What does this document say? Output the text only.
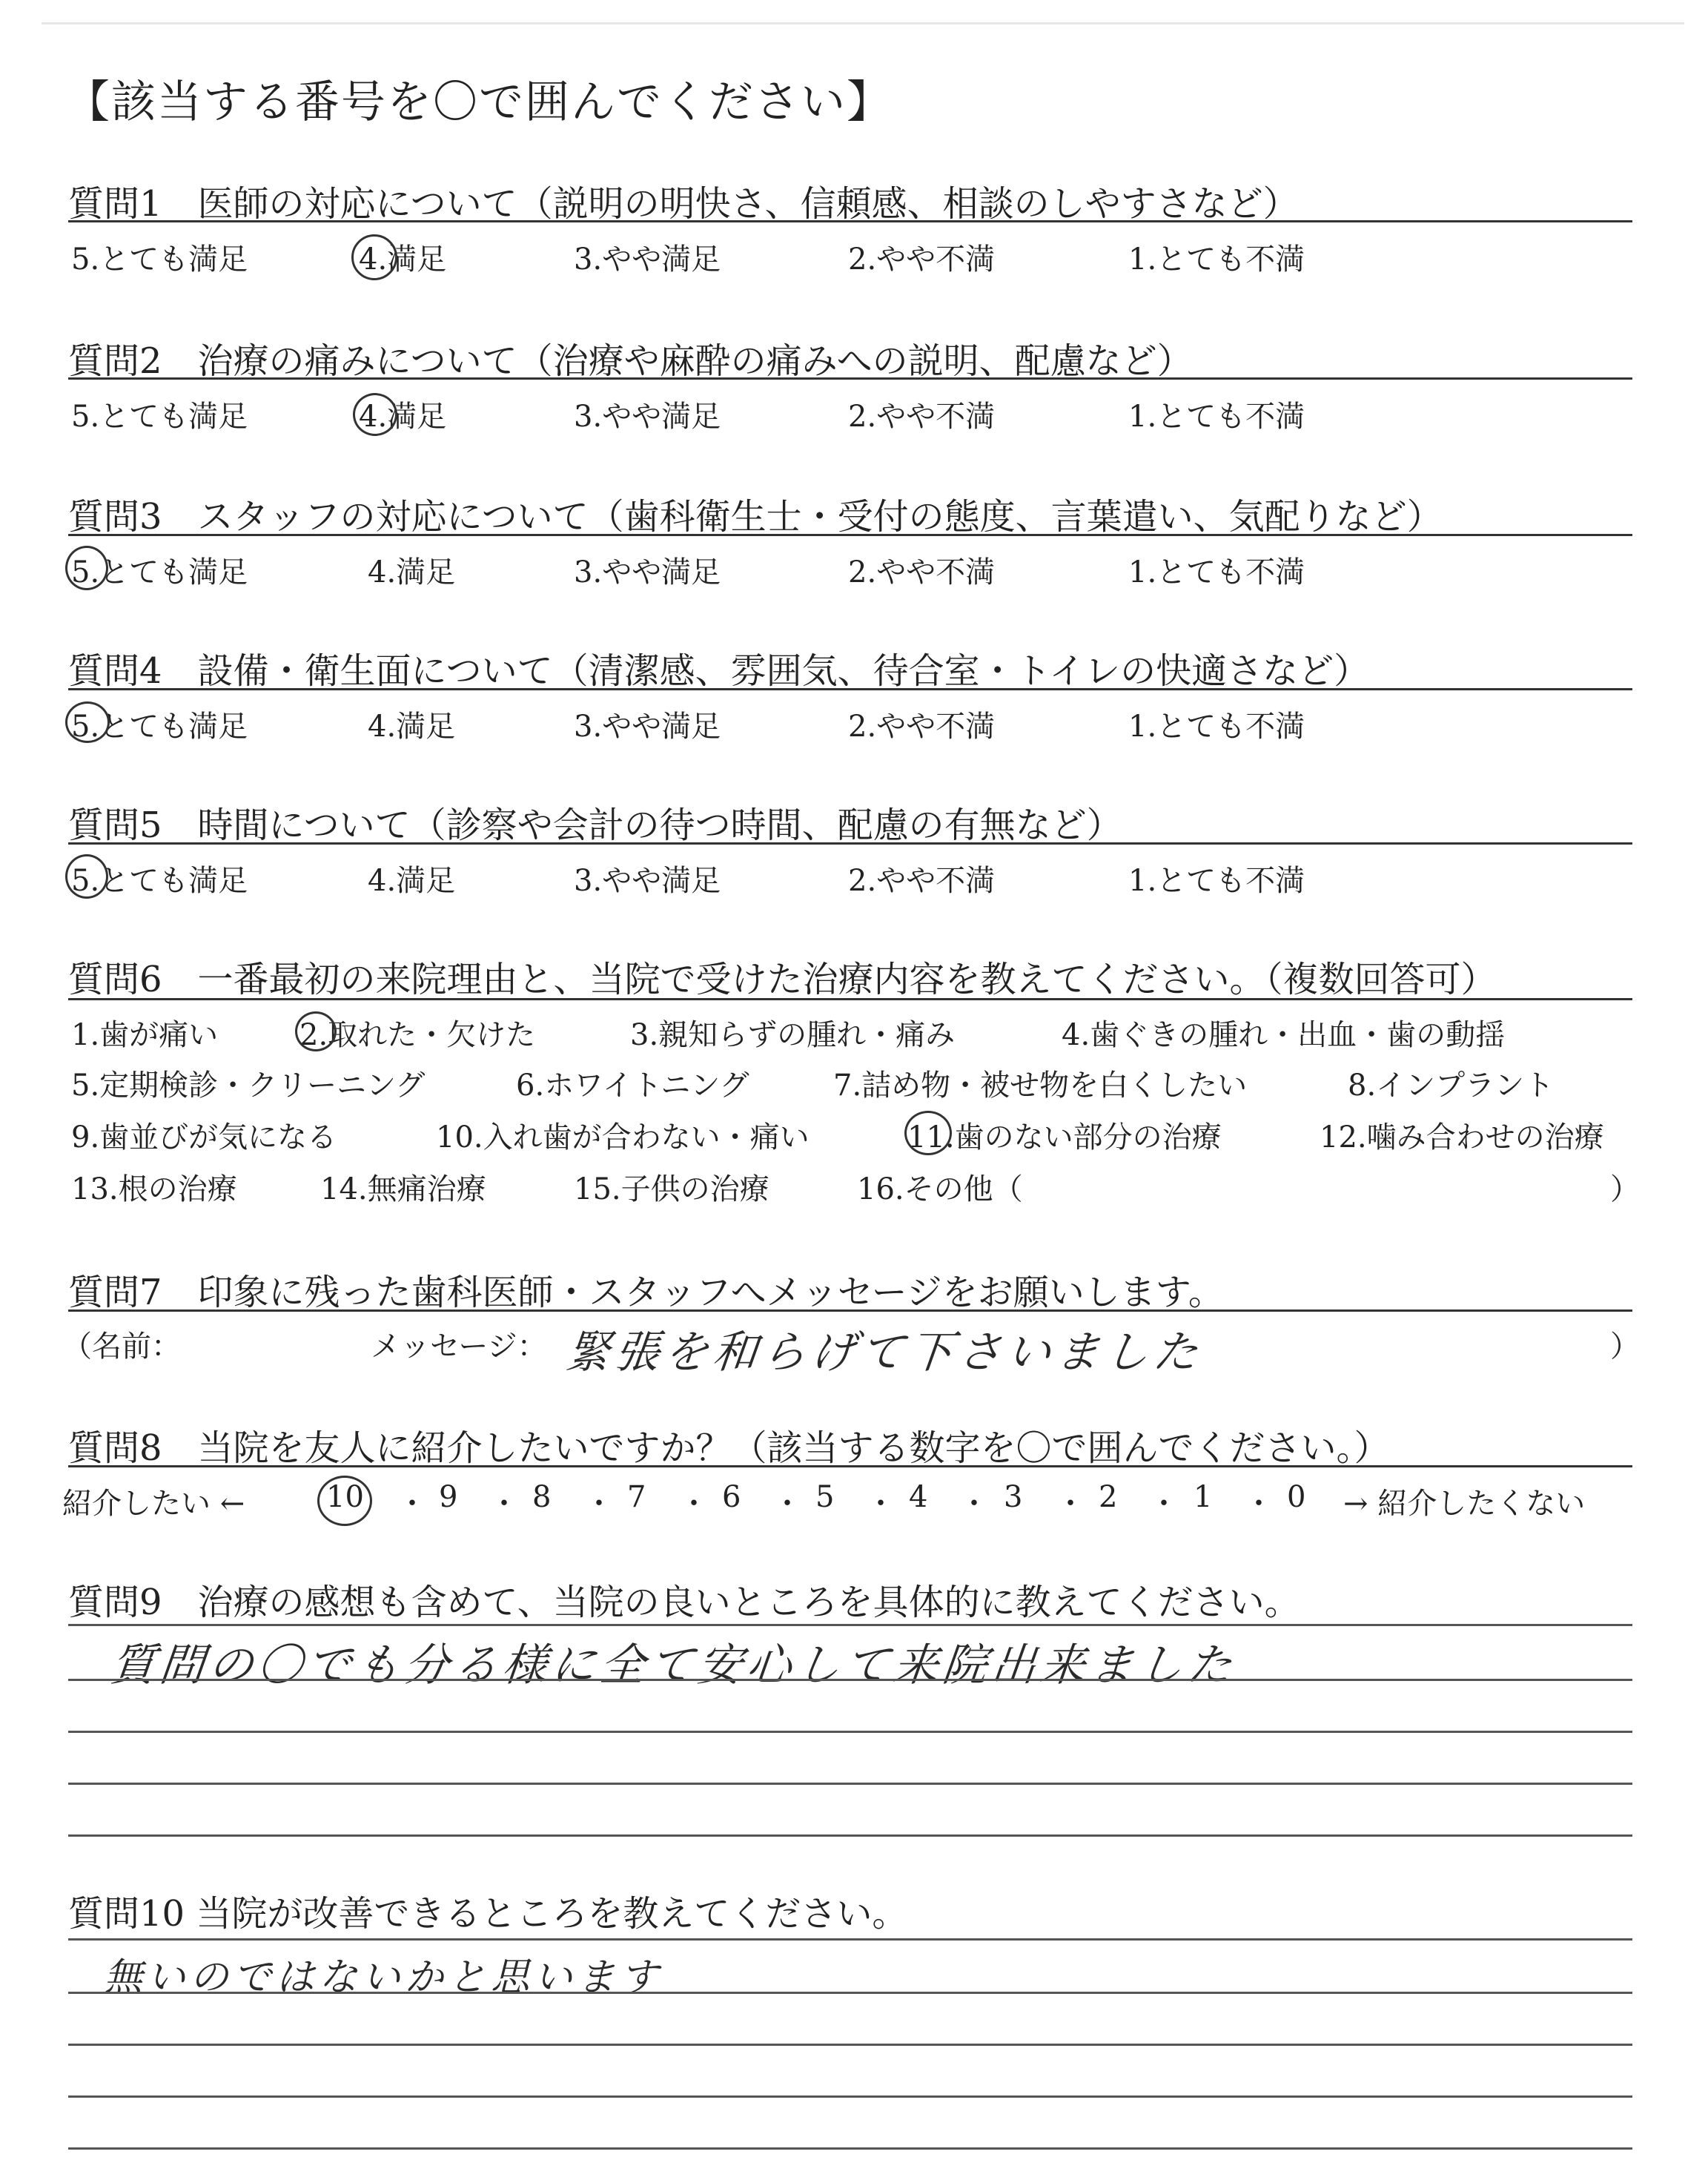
【該当する番号を〇で囲んでください】
質問1　医師の対応について（説明の明快さ、信頼感、相談のしやすさなど）
5.とても満足	4.満足	3.やや満足	2.やや不満	1.とても不満
質問2　治療の痛みについて（治療や麻酔の痛みへの説明、配慮など）
5.とても満足	4.満足	3.やや満足	2.やや不満	1.とても不満
質問3　スタッフの対応について（歯科衛生士・受付の態度、言葉遣い、気配りなど）
5.とても満足	4.満足	3.やや満足	2.やや不満	1.とても不満
質問4　設備・衛生面について（清潔感、雰囲気、待合室・トイレの快適さなど）
5.とても満足	4.満足	3.やや満足	2.やや不満	1.とても不満
質問5　時間について（診察や会計の待つ時間、配慮の有無など）
5.とても満足	4.満足	3.やや満足	2.やや不満	1.とても不満
質問6　一番最初の来院理由と、当院で受けた治療内容を教えてください。（複数回答可）
1.歯が痛い	2.取れた・欠けた	3.親知らずの腫れ・痛み	4.歯ぐきの腫れ・出血・歯の動揺
5.定期検診・クリーニング	6.ホワイトニング	7.詰め物・被せ物を白くしたい	8.インプラント
9.歯並びが気になる	10.入れ歯が合わない・痛い	11.歯のない部分の治療	12.噛み合わせの治療
13.根の治療	14.無痛治療	15.子供の治療	16.その他（	）
質問7　印象に残った歯科医師・スタッフへメッセージをお願いします。
（名前：	メッセージ： 緊張を和らげて下さいました	）
質問8　当院を友人に紹介したいですか？（該当する数字を〇で囲んでください。）
紹介したい ←	10 ・ 9 ・ 8 ・ 7 ・ 6 ・ 5 ・ 4 ・ 3 ・ 2 ・ 1 ・ 0 → 紹介したくない
質問9　治療の感想も含めて、当院の良いところを具体的に教えてください。
質問の〇でも分る様に全て安心して来院出来ました
質問10 当院が改善できるところを教えてください。
無いのではないかと思います
